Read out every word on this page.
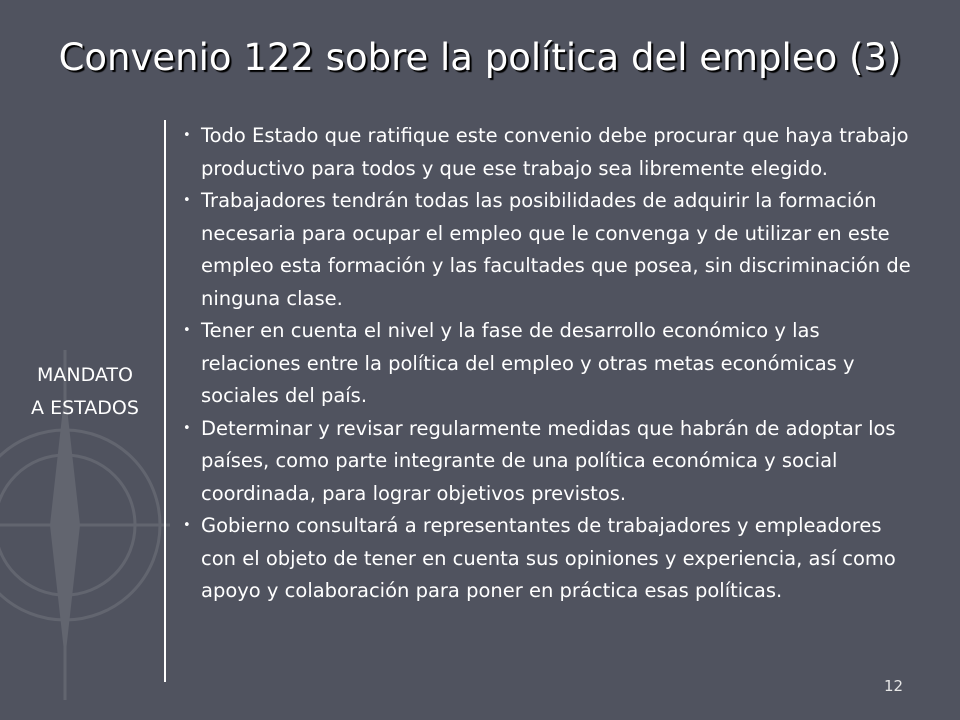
Convenio 122 sobre la política del empleo (3)
MANDATO
A ESTADOS
• Todo Estado que ratifique este convenio debe procurar que haya trabajo productivo para todos y que ese trabajo sea libremente elegido.
• Trabajadores tendrán todas las posibilidades de adquirir la formación necesaria para ocupar el empleo que le convenga y de utilizar en este empleo esta formación y las facultades que posea, sin discriminación de ninguna clase.
• Tener en cuenta el nivel y la fase de desarrollo económico y las relaciones entre la política del empleo y otras metas económicas y sociales del país.
• Determinar y revisar regularmente medidas que habrán de adoptar los países, como parte integrante de una política económica y social coordinada, para lograr objetivos previstos.
• Gobierno consultará a representantes de trabajadores y empleadores con el objeto de tener en cuenta sus opiniones y experiencia, así como apoyo y colaboración para poner en práctica esas políticas.
12
